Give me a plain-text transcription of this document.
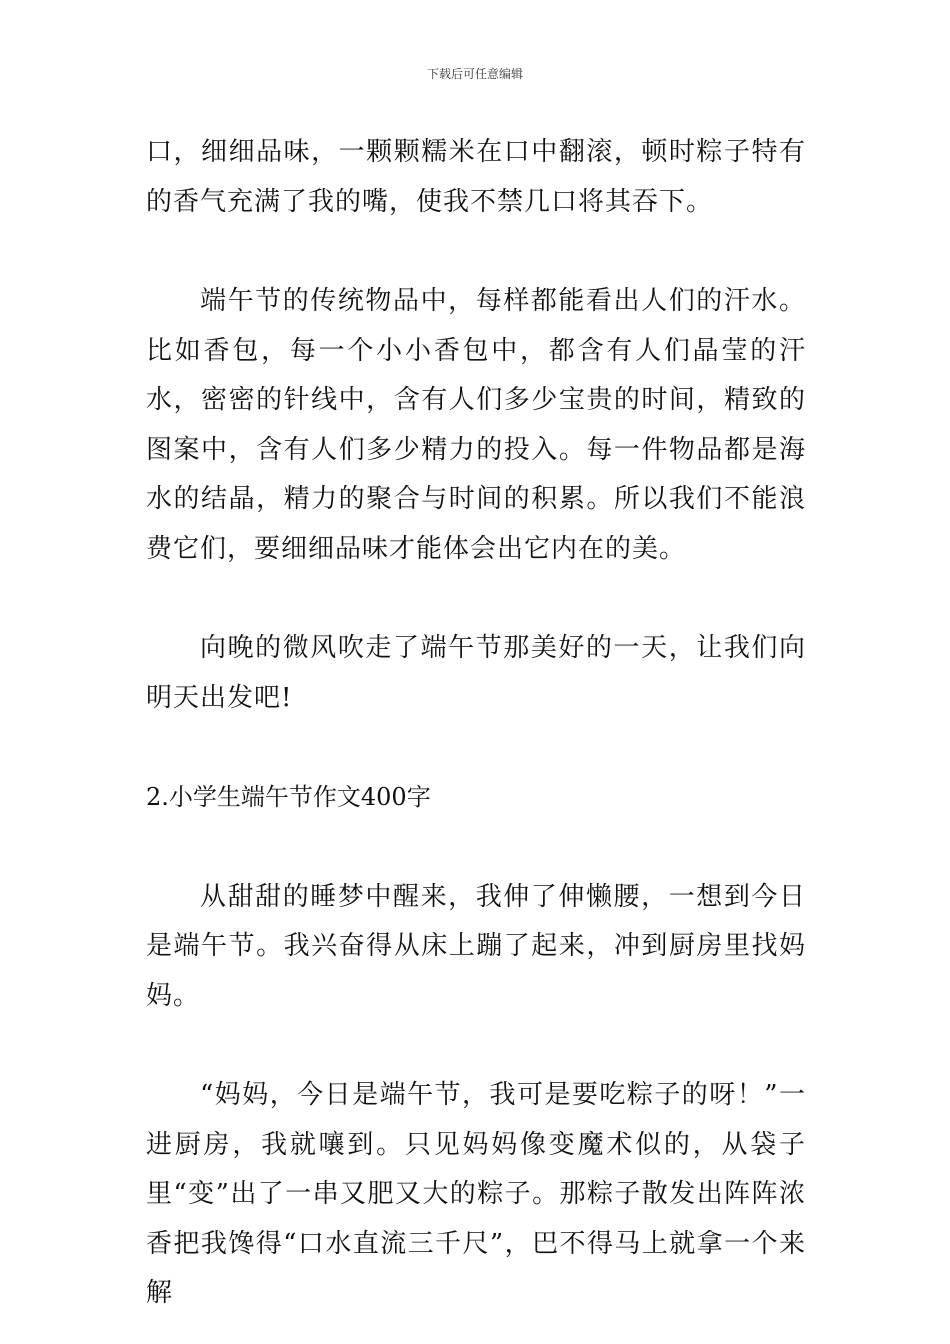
下载后可任意编辑

口，细细品味，一颗颗糯米在口中翻滚，顿时粽子特有的香气充满了我的嘴，使我不禁几口将其吞下。

端午节的传统物品中，每样都能看出人们的汗水。比如香包，每一个小小香包中，都含有人们晶莹的汗水，密密的针线中，含有人们多少宝贵的时间，精致的图案中，含有人们多少精力的投入。每一件物品都是海水的结晶，精力的聚合与时间的积累。所以我们不能浪费它们，要细细品味才能体会出它内在的美。

向晚的微风吹走了端午节那美好的一天，让我们向明天出发吧!

2.小学生端午节作文400字

从甜甜的睡梦中醒来，我伸了伸懒腰，一想到今日是端午节。我兴奋得从床上蹦了起来，冲到厨房里找妈妈。

“妈妈，今日是端午节，我可是要吃粽子的呀！”一进厨房，我就嚷到。只见妈妈像变魔术似的，从袋子里“变”出了一串又肥又大的粽子。那粽子散发出阵阵浓香把我馋得“口水直流三千尺”，巴不得马上就拿一个来解
